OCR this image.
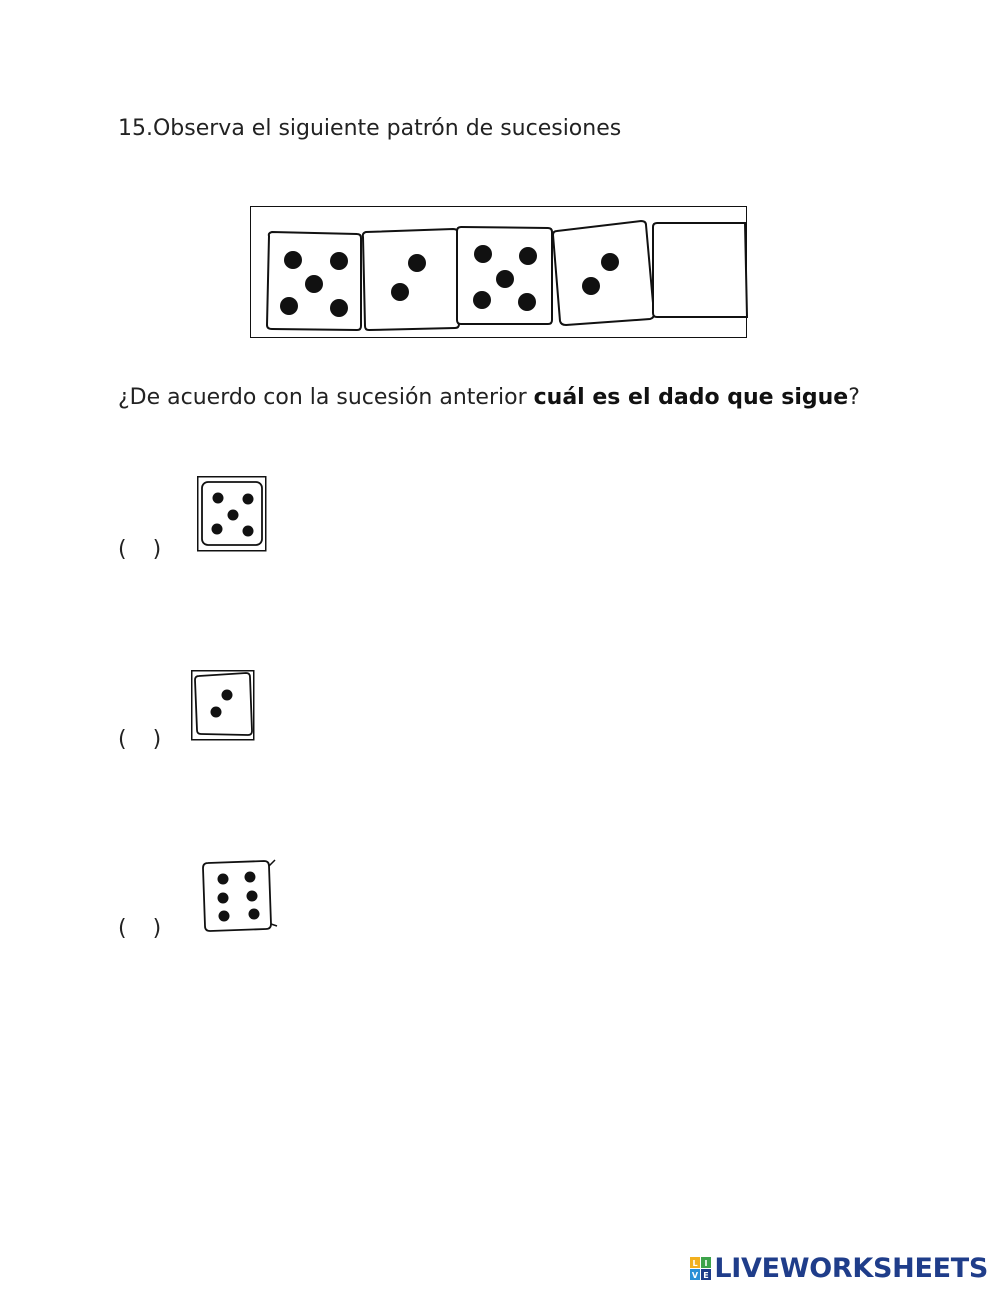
15.Observa el siguiente patrón de sucesiones
¿De acuerdo con la sucesión anterior cuál es el dado que sigue?
( )
( )
( )
L I
V E LIVEWORKSHEETS
